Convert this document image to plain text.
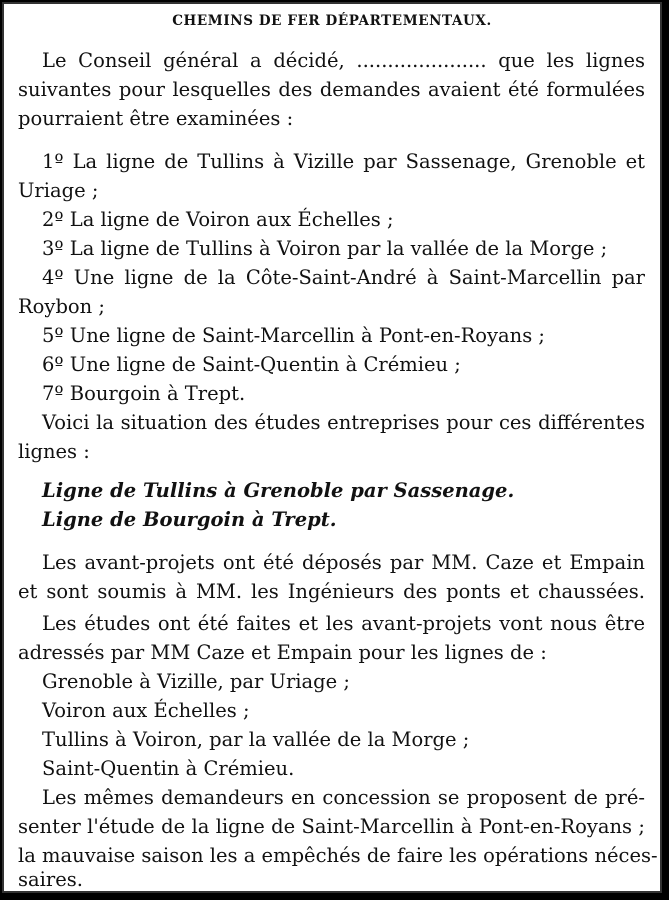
CHEMINS DE FER DÉPARTEMENTAUX.
Le Conseil général a décidé, ..................... que les lignes
suivantes pour lesquelles des demandes avaient été formulées
pourraient être examinées :
1º La ligne de Tullins à Vizille par Sassenage, Grenoble et
Uriage ;
2º La ligne de Voiron aux Échelles ;
3º La ligne de Tullins à Voiron par la vallée de la Morge ;
4º Une ligne de la Côte-Saint-André à Saint-Marcellin par
Roybon ;
5º Une ligne de Saint-Marcellin à Pont-en-Royans ;
6º Une ligne de Saint-Quentin à Crémieu ;
7º Bourgoin à Trept.
Voici la situation des études entreprises pour ces différentes
lignes :
Ligne de Tullins à Grenoble par Sassenage.
Ligne de Bourgoin à Trept.
Les avant-projets ont été déposés par MM. Caze et Empain
et sont soumis à MM. les Ingénieurs des ponts et chaussées.
Les études ont été faites et les avant-projets vont nous être
adressés par MM Caze et Empain pour les lignes de :
Grenoble à Vizille, par Uriage ;
Voiron aux Échelles ;
Tullins à Voiron, par la vallée de la Morge ;
Saint-Quentin à Crémieu.
Les mêmes demandeurs en concession se proposent de pré-
senter l'étude de la ligne de Saint-Marcellin à Pont-en-Royans ;
la mauvaise saison les a empêchés de faire les opérations néces-
saires.
